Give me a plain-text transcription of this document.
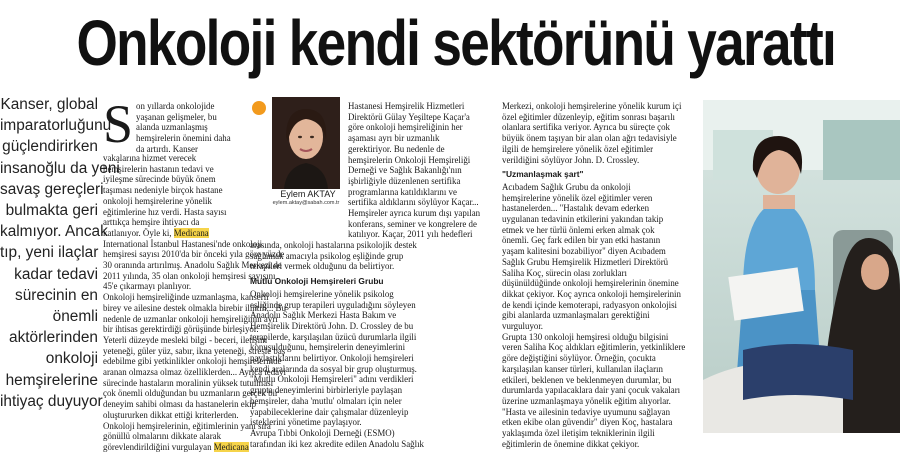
Onkoloji kendi sektörünü yarattı
Kanser, global
imparatorluğunu
güçlendirirken
insanoğlu da yeni
savaş gereçleri
bulmakta geri
kalmıyor. Ancak
tıp, yeni ilaçlar
kadar tedavi
sürecinin en
önemli
aktörlerinden
onkoloji
hemşirelerine
ihtiyaç duyuyor
S on yıllarda onkolojide
yaşanan gelişmeler, bu
alanda uzmanlaşmış
hemşirelerin önemini daha
da artırdı. Kanser
vakalarına hizmet verecek
hemşirelerin hastanın tedavi ve
iyileşme sürecinde büyük önem
taşıması nedeniyle birçok hastane
onkoloji hemşirelerine yönelik
eğitimlerine hız verdi. Hasta sayısı
arttıkça hemşire ihtiyacı da
katlanıyor. Öyle ki, Medicana
International İstanbul Hastanesi'nde onkoloji
hemşiresi sayısı 2010'da bir önceki yıla göre yüzde
30 oranında artırılmış. Anadolu Sağlık Merkezi de
2011 yılında, 35 olan onkoloji hemşiresi sayısını
45'e çıkarmayı planlıyor.
Onkoloji hemşireliğinde uzmanlaşma, kanserli
birey ve ailesine destek olmakla birebir ilintili... Bu
nedenle de uzmanlar onkoloji hemşireliğinin ayrı
bir ihtisas gerektirdiği görüşünde birleşiyor.
Yeterli düzeyde mesleki bilgi - beceri, iletişim
yeteneği, güler yüz, sabır, ikna yeteneği, stresle baş
edebilme gibi yetkinlikler onkoloji hemşirelerinde
aranan olmazsa olmaz özelliklerden... Ayrıca tedavi
sürecinde hastaların moralinin yüksek tutulması
çok önemli olduğundan bu uzmanların gerçek bir
deneyim sahibi olması da hastanelerin ekip
oluştururken dikkat ettiği kriterlerden.
Onkoloji hemşirelerinin, eğitimlerinin yanı sıra
gönüllü olmalarını dikkate alarak
görevlendirildiğini vurgulayan Medicana
Eylem AKTAY
eylem.aktay@sabah.com.tr
Hastanesi Hemşirelik Hizmetleri
Direktörü Gülay Yeşiltepe Kaçar'a
göre onkoloji hemşireliğinin her
aşaması ayrı bir uzmanlık
gerektiriyor. Bu nedenle de
hemşirelerin Onkoloji Hemşireliği
Derneği ve Sağlık Bakanlığı'nın
işbirliğiyle düzenlenen sertifika
programlarına katıldıklarını ve
sertifika aldıklarını söylüyor Kaçar...
Hemşireler ayrıca kurum dışı yapılan
konferans, seminer ve kongrelere de
katılıyor. Kaçar, 2011 yılı hedefleri
arasında, onkoloji hastalarına psikolojik destek
sağlamak amacıyla psikolog eşliğinde grup
terapileri vermek olduğunu da belirtiyor.
Mutlu Onkoloji Hemşireleri Grubu
Onkoloji hemşirelerine yönelik psikolog
eşliğinde grup terapileri uyguladığını söyleyen
Anadolu Sağlık Merkezi Hasta Bakım ve
Hemşirelik Direktörü John. D. Crossley de bu
terapilerde, karşılaşılan üzücü durumlarla ilgili
konuşulduğunu, hemşirelerin deneyimlerini
paylaştıklarını belirtiyor. Onkoloji hemşireleri
kendi aralarında da sosyal bir grup oluşturmuş.
"Mutlu Onkoloji Hemşireleri" adını verdikleri
grupta deneyimlerini birbirleriyle paylaşan
hemşireler, daha 'mutlu' olmaları için neler
yapabileceklerine dair çalışmalar düzenleyip
isteklerini yönetime paylaşıyor.
Avrupa Tıbbi Onkoloji Derneği (ESMO)
tarafından iki kez akredite edilen Anadolu Sağlık
Merkezi, onkoloji hemşirelerine yönelik kurum içi
özel eğitimler düzenleyip, eğitim sonrası başarılı
olanlara sertifika veriyor. Ayrıca bu süreçte çok
büyük önem taşıyan bir alan olan ağrı tedavisiyle
ilgili de hemşirelere yönelik özel eğitimler
verildiğini söylüyor John. D. Crossley.
"Uzmanlaşmak şart"
Acıbadem Sağlık Grubu da onkoloji
hemşirelerine yönelik özel eğitimler veren
hastanelerden... "Hastalık devam ederken
uygulanan tedavinin etkilerini yakından takip
etmek ve her türlü önlemi erken almak çok
önemli. Geç fark edilen bir yan etki hastanın
yaşam kalitesini bozabiliyor" diyen Acıbadem
Sağlık Grubu Hemşirelik Hizmetleri Direktörü
Saliha Koç, sürecin olası zorlukları
düşünüldüğünde onkoloji hemşirelerinin önemine
dikkat çekiyor. Koç ayrıca onkoloji hemşirelerinin
de kendi içinde kemoterapi, radyasyon onkolojisi
gibi alanlarda uzmanlaşmaları gerektiğini
vurguluyor.
Grupta 130 onkoloji hemşiresi olduğu bilgisini
veren Saliha Koç aldıkları eğitimlerin, yetkinliklere
göre değiştiğini söylüyor. Örneğin, çocukta
karşılaşılan kanser türleri, kullanılan ilaçların
etkileri, beklenen ve beklenmeyen durumlar, bu
durumlarda yapılacaklara dair yani çocuk vakaları
üzerine uzmanlaşmaya yönelik eğitim alıyorlar.
"Hasta ve ailesinin tedaviye uyumunu sağlayan
etken ekibe olan güvendir" diyen Koç, hastalara
yaklaşımda özel iletişim tekniklerinin ilgili
eğitimlerin de önemine dikkat çekiyor.
